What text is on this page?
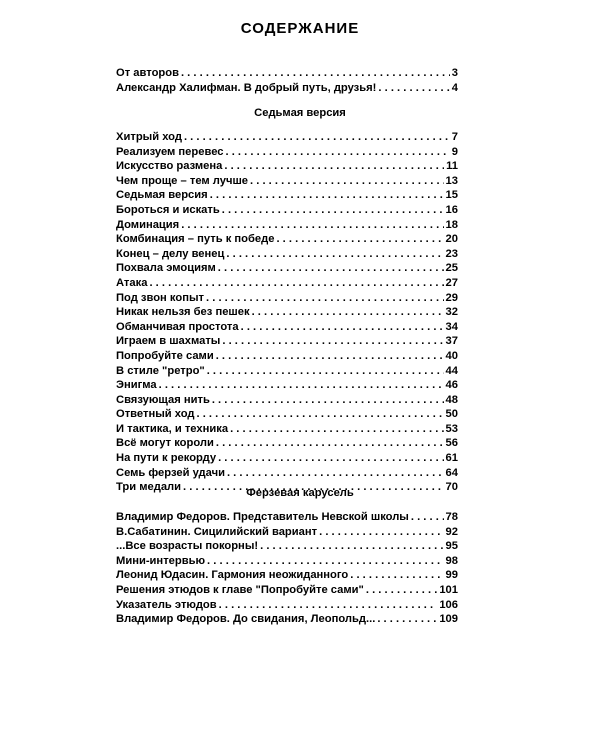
СОДЕРЖАНИЕ
От авторов . . .	3
Александр Халифман. В добрый путь, друзья! . . .	4
Седьмая версия
Хитрый ход . . .	7
Реализуем перевес . . .	9
Искусство размена . . .	11
Чем проще – тем лучше . . .	13
Седьмая версия . . .	15
Бороться и искать . . .	16
Доминация . . .	18
Комбинация – путь к победе . . .	20
Конец – делу венец . . .	23
Похвала эмоциям . . .	25
Атака . . .	27
Под звон копыт . . .	29
Никак нельзя без пешек . . .	32
Обманчивая простота . . .	34
Играем в шахматы . . .	37
Попробуйте сами . . .	40
В стиле "ретро" . . .	44
Энигма . . .	46
Связующая нить . . .	48
Ответный ход . . .	50
И тактика, и техника . . .	53
Всё могут короли . . .	56
На пути к рекорду . . .	61
Семь ферзей удачи . . .	64
Три медали . . .	70
Ферзевая карусель
Владимир Федоров. Представитель Невской школы . . .	78
В.Сабатинин. Сицилийский вариант . . .	92
...Все возрасты покорны! . . .	95
Мини-интервью . . .	98
Леонид Юдасин. Гармония неожиданного . . .	99
Решения этюдов к главе "Попробуйте сами" . . .	101
Указатель этюдов . . .	106
Владимир Федоров. До свидания, Леопольд... . . .	109
